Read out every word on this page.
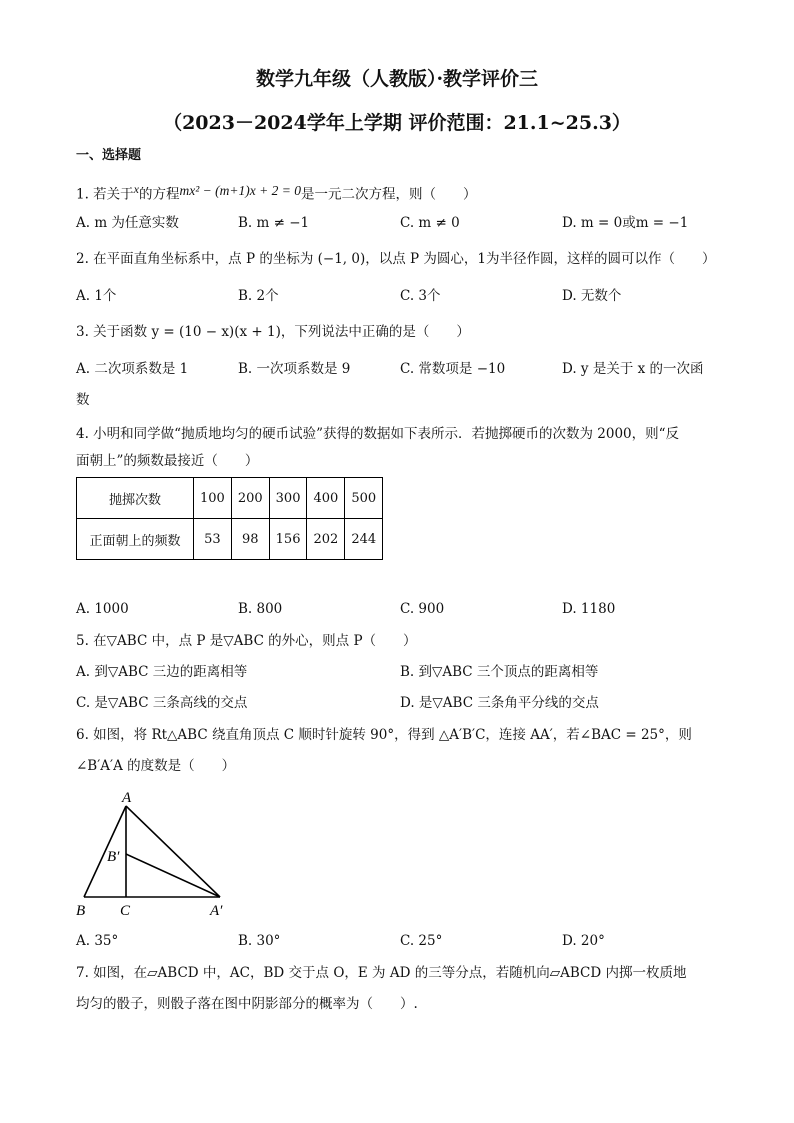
数学九年级（人教版）·教学评价三
（2023－2024学年上学期 评价范围：21.1~25.3）
一、选择题
1. 若关于$^x$的方程mx² − (m+1)x + 2 = 0是一元二次方程，则（　　）
A. m 为任意实数	B. m ≠ −1	C. m ≠ 0	D. m = 0或m = −1
2. 在平面直角坐标系中，点 P 的坐标为 (−1, 0)，以点 P 为圆心，1为半径作圆，这样的圆可以作（　　）
A. 1个	B. 2个	C. 3个	D. 无数个
3. 关于函数 y = (10 − x)(x + 1)，下列说法中正确的是（　　）
A. 二次项系数是 1	B. 一次项系数是 9	C. 常数项是 −10	D. y 是关于 x 的一次函
数
4. 小明和同学做“抛质地均匀的硬币试验”获得的数据如下表所示．若抛掷硬币的次数为 2000，则“反
面朝上”的频数最接近（　　）
抛掷次数	100	200	300	400	500
正面朝上的频数	53	98	156	202	244
A. 1000	B. 800	C. 900	D. 1180
5. 在▽ABC 中，点 P 是▽ABC 的外心，则点 P（　　）
A. 到▽ABC 三边的距离相等	B. 到▽ABC 三个顶点的距离相等
C. 是▽ABC 三条高线的交点	D. 是▽ABC 三条角平分线的交点
6. 如图，将 Rt△ABC 绕直角顶点 C 顺时针旋转 90°，得到 △A′B′C，连接 AA′，若∠BAC = 25°，则
∠B′A′A 的度数是（　　）
A
B′
B C	A′
A. 35°	B. 30°	C. 25°	D. 20°
7. 如图，在▱ABCD 中，AC，BD 交于点 O，E 为 AD 的三等分点，若随机向▱ABCD 内掷一枚质地
均匀的骰子，则骰子落在图中阴影部分的概率为（　　）.
